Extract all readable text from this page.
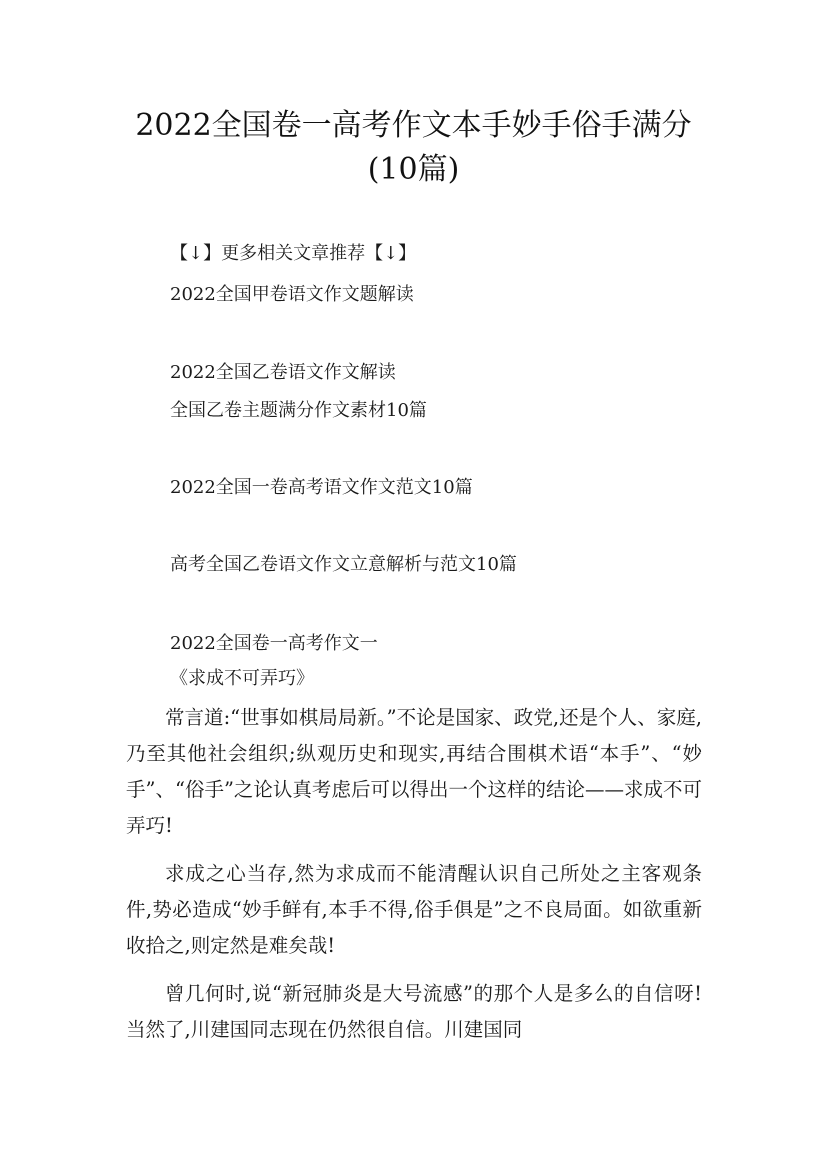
2022全国卷一高考作文本手妙手俗手满分
(10篇)
【↓】更多相关文章推荐【↓】
2022全国甲卷语文作文题解读
2022全国乙卷语文作文解读
全国乙卷主题满分作文素材10篇
2022全国一卷高考语文作文范文10篇
高考全国乙卷语文作文立意解析与范文10篇
2022全国卷一高考作文一
《求成不可弄巧》
常言道:“世事如棋局局新。”不论是国家、政党,还是个人、家庭,乃至其他社会组织;纵观历史和现实,再结合围棋术语“本手”、“妙手”、“俗手”之论认真考虑后可以得出一个这样的结论——求成不可弄巧!
求成之心当存,然为求成而不能清醒认识自己所处之主客观条件,势必造成“妙手鲜有,本手不得,俗手俱是”之不良局面。如欲重新收拾之,则定然是难矣哉!
曾几何时,说“新冠肺炎是大号流感”的那个人是多么的自信呀!当然了,川建国同志现在仍然很自信。川建国同
